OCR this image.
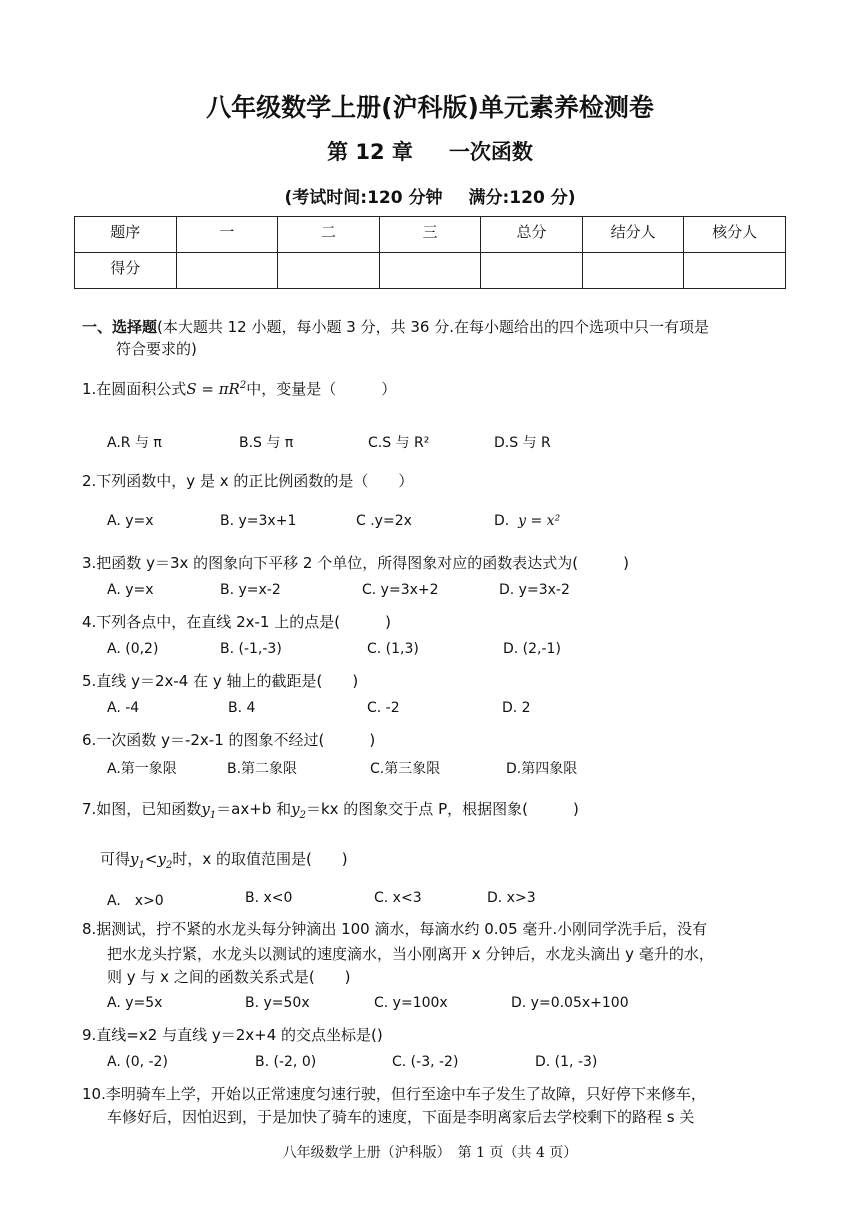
八年级数学上册(沪科版)单元素养检测卷
第 12 章 一次函数
(考试时间:120 分钟 满分:120 分)
题序	一	二	三	总分	结分人	核分人
得分						
一、选择题(本大题共 12 小题，每小题 3 分，共 36 分.在每小题给出的四个选项中只一有项是
符合要求的)
1.在圆面积公式$S = \pi R^2$中，变量是（　　　）
A.R 与 π	B.S 与 π	C.S 与 R²	D.S 与 R
2.下列函数中，y 是 x 的正比例函数的是（　　）
A. y=x	B. y=3x+1	C .y=2x	D. y = x²
3.把函数 y＝3x 的图象向下平移 2 个单位，所得图象对应的函数表达式为(　　　)
A. y=x	B. y=x-2	C. y=3x+2	D. y=3x-2
4.下列各点中，在直线 2x-1 上的点是(　　　)
A. (0,2)	B. (-1,-3)	C. (1,3)	D. (2,-1)
5.直线 y＝2x-4 在 y 轴上的截距是(　　)
A. -4	B. 4	C. -2	D. 2
6.一次函数 y＝-2x-1 的图象不经过(　　　)
A.第一象限	B.第二象限	C.第三象限	D.第四象限
7.如图，已知函数$y_1=ax+b$ 和$y_2=kx$ 的图象交于点 P，根据图象(　　　)
可得$y_1<y_2$时，x 的取值范围是(　　)
A.　x>0	B. x<0	C. x<3	D. x>3
8.据测试，拧不紧的水龙头每分钟滴出 100 滴水，每滴水约 0.05 毫升.小刚同学洗手后，没有
把水龙头拧紧，水龙头以测试的速度滴水，当小刚离开 x 分钟后，水龙头滴出 y 毫升的水，
则 y 与 x 之间的函数关系式是(　　)
A. y=5x	B. y=50x	C. y=100x	D. y=0.05x+100
9.直线=x2 与直线 y＝2x+4 的交点坐标是()
A. (0, -2)	B. (-2, 0)	C. (-3, -2)	D. (1, -3)
10.李明骑车上学，开始以正常速度匀速行驶，但行至途中车子发生了故障，只好停下来修车，
车修好后，因怕迟到，于是加快了骑车的速度，下面是李明离家后去学校剩下的路程 s 关
八年级数学上册（沪科版）　第 1 页（共 4 页）
